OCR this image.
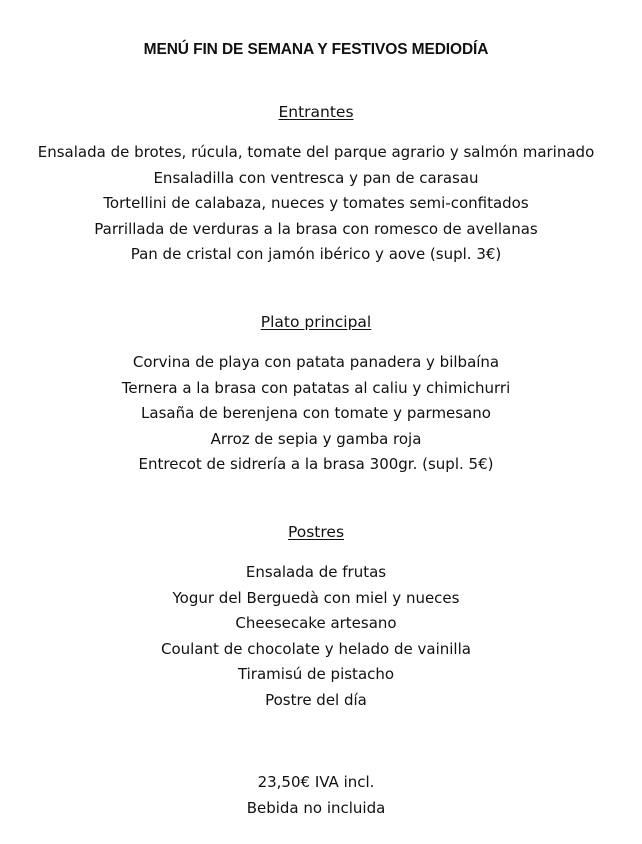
MENÚ FIN DE SEMANA Y FESTIVOS MEDIODÍA
Entrantes
Ensalada de brotes, rúcula, tomate del parque agrario y salmón marinado
Ensaladilla con ventresca y pan de carasau
Tortellini de calabaza, nueces y tomates semi-confitados
Parrillada de verduras a la brasa con romesco de avellanas
Pan de cristal con jamón ibérico y aove (supl. 3€)
Plato principal
Corvina de playa con patata panadera y bilbaína
Ternera a la brasa con patatas al caliu y chimichurri
Lasaña de berenjena con tomate y parmesano
Arroz de sepia y gamba roja
Entrecot de sidrería a la brasa 300gr. (supl. 5€)
Postres
Ensalada de frutas
Yogur del Berguedà con miel y nueces
Cheesecake artesano
Coulant de chocolate y helado de vainilla
Tiramisú de pistacho
Postre del día

23,50€ IVA incl.

Bebida no incluida
